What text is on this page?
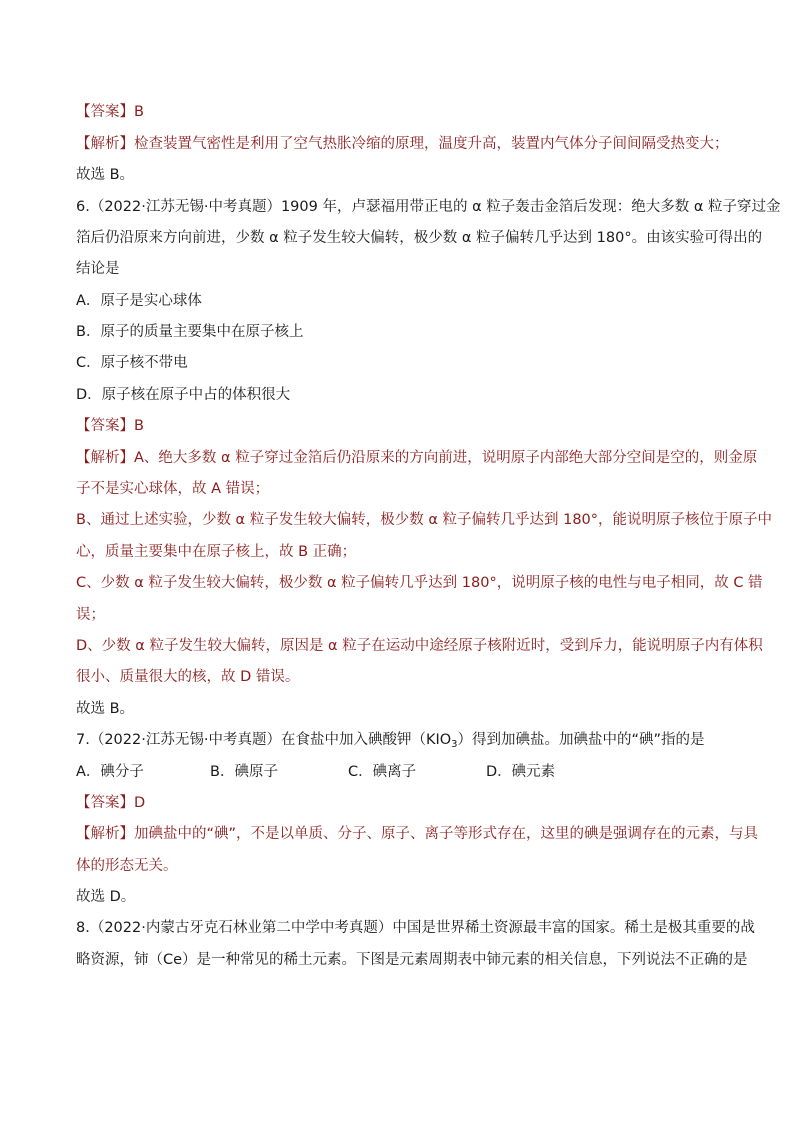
【答案】B
【解析】检查装置气密性是利用了空气热胀冷缩的原理，温度升高，装置内气体分子间间隔受热变大；
故选 B。
6.（2022·江苏无锡·中考真题）1909 年，卢瑟福用带正电的 α 粒子轰击金箔后发现：绝大多数 α 粒子穿过金
箔后仍沿原来方向前进，少数 α 粒子发生较大偏转，极少数 α 粒子偏转几乎达到 180°。由该实验可得出的
结论是
A．原子是实心球体
B．原子的质量主要集中在原子核上
C．原子核不带电
D．原子核在原子中占的体积很大
【答案】B
【解析】A、绝大多数 α 粒子穿过金箔后仍沿原来的方向前进，说明原子内部绝大部分空间是空的，则金原
子不是实心球体，故 A 错误；
B、通过上述实验，少数 α 粒子发生较大偏转，极少数 α 粒子偏转几乎达到 180°，能说明原子核位于原子中
心，质量主要集中在原子核上，故 B 正确；
C、少数 α 粒子发生较大偏转，极少数 α 粒子偏转几乎达到 180°，说明原子核的电性与电子相同，故 C 错
误；
D、少数 α 粒子发生较大偏转，原因是 α 粒子在运动中途经原子核附近时，受到斥力，能说明原子内有体积
很小、质量很大的核，故 D 错误。
故选 B。
7.（2022·江苏无锡·中考真题）在食盐中加入碘酸钾$(KIO_3)$得到加碘盐。加碘盐中的“碘”指的是
A．碘分子	B．碘原子	C．碘离子	D．碘元素
【答案】D
【解析】加碘盐中的“碘”，不是以单质、分子、原子、离子等形式存在，这里的碘是强调存在的元素，与具
体的形态无关。
故选 D。
8.（2022·内蒙古牙克石林业第二中学中考真题）中国是世界稀土资源最丰富的国家。稀土是极其重要的战
略资源，铈（Ce）是一种常见的稀土元素。下图是元素周期表中铈元素的相关信息，下列说法不正确的是
